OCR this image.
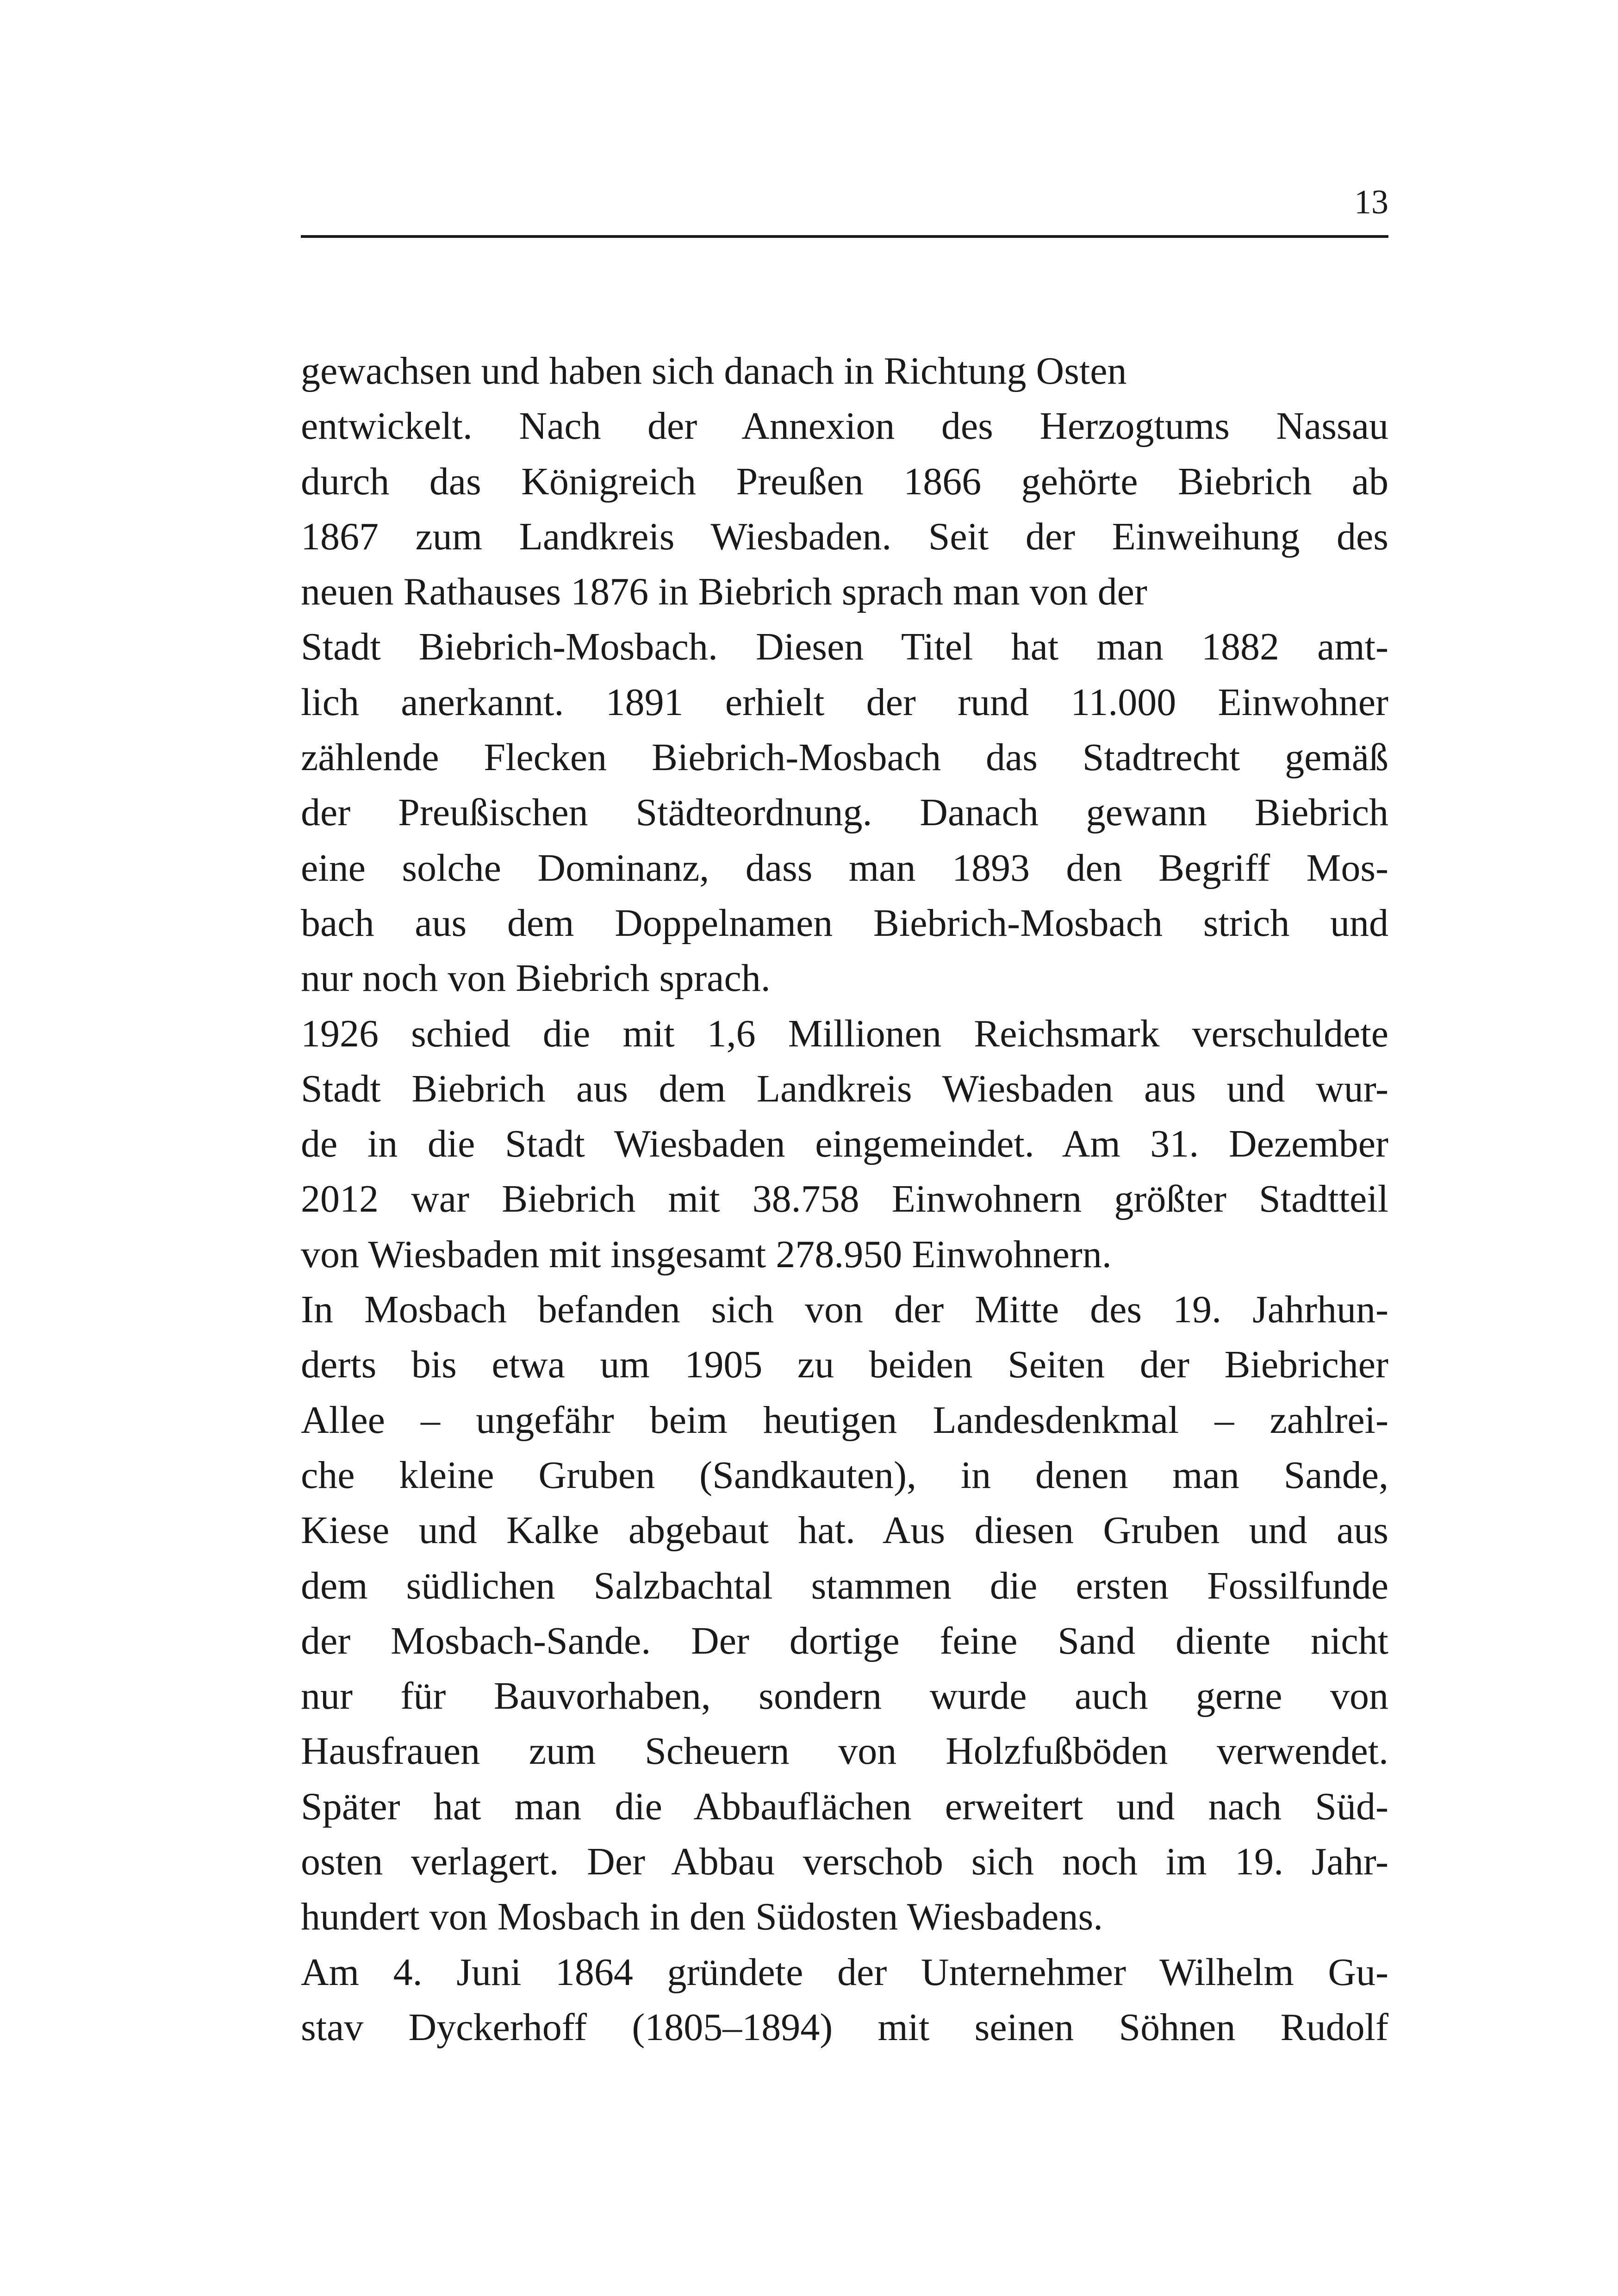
13
gewachsen und haben sich danach in Richtung Osten
entwickelt. Nach der Annexion des Herzogtums Nassau
durch das Königreich Preußen 1866 gehörte Biebrich ab
1867 zum Landkreis Wiesbaden. Seit der Einweihung des
neuen Rathauses 1876 in Biebrich sprach man von der
Stadt Biebrich-Mosbach. Diesen Titel hat man 1882 amt-
lich anerkannt. 1891 erhielt der rund 11.000 Einwohner
zählende Flecken Biebrich-Mosbach das Stadtrecht gemäß
der Preußischen Städteordnung. Danach gewann Biebrich
eine solche Dominanz, dass man 1893 den Begriff Mos-
bach aus dem Doppelnamen Biebrich-Mosbach strich und
nur noch von Biebrich sprach.
1926 schied die mit 1,6 Millionen Reichsmark verschuldete
Stadt Biebrich aus dem Landkreis Wiesbaden aus und wur-
de in die Stadt Wiesbaden eingemeindet. Am 31. Dezember
2012 war Biebrich mit 38.758 Einwohnern größter Stadtteil
von Wiesbaden mit insgesamt 278.950 Einwohnern.
In Mosbach befanden sich von der Mitte des 19. Jahrhun-
derts bis etwa um 1905 zu beiden Seiten der Biebricher
Allee – ungefähr beim heutigen Landesdenkmal – zahlrei-
che kleine Gruben (Sandkauten), in denen man Sande,
Kiese und Kalke abgebaut hat. Aus diesen Gruben und aus
dem südlichen Salzbachtal stammen die ersten Fossilfunde
der Mosbach-Sande. Der dortige feine Sand diente nicht
nur für Bauvorhaben, sondern wurde auch gerne von
Hausfrauen zum Scheuern von Holzfußböden verwendet.
Später hat man die Abbauflächen erweitert und nach Süd-
osten verlagert. Der Abbau verschob sich noch im 19. Jahr-
hundert von Mosbach in den Südosten Wiesbadens.
Am 4. Juni 1864 gründete der Unternehmer Wilhelm Gu-
stav Dyckerhoff (1805–1894) mit seinen Söhnen Rudolf
